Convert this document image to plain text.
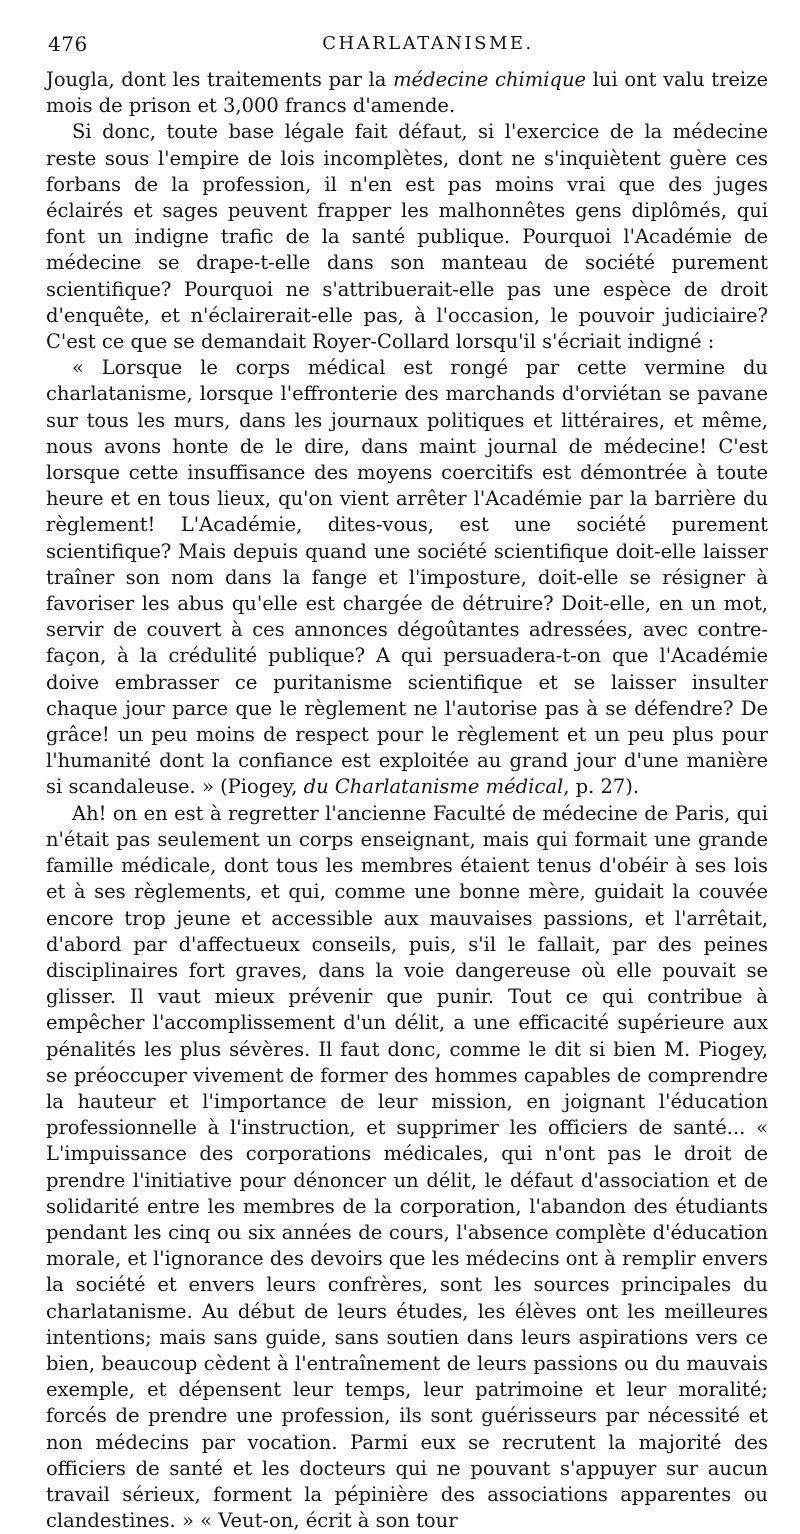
476	CHARLATANISME.

Jougla, dont les traitements par la médecine chimique lui ont valu treize mois de prison et 3,000 francs d'amende.

Si donc, toute base légale fait défaut, si l'exercice de la médecine reste sous l'empire de lois incomplètes, dont ne s'inquiètent guère ces forbans de la profession, il n'en est pas moins vrai que des juges éclairés et sages peuvent frapper les malhonnêtes gens diplômés, qui font un indigne trafic de la santé publique. Pourquoi l'Académie de médecine se drape-t-elle dans son manteau de société purement scientifique? Pourquoi ne s'attribuerait-elle pas une espèce de droit d'enquête, et n'éclairerait-elle pas, à l'occasion, le pouvoir judiciaire? C'est ce que se demandait Royer-Collard lorsqu'il s'écriait indigné :

« Lorsque le corps médical est rongé par cette vermine du charlatanisme, lorsque l'effronterie des marchands d'orviétan se pavane sur tous les murs, dans les journaux politiques et littéraires, et même, nous avons honte de le dire, dans maint journal de médecine! C'est lorsque cette insuffisance des moyens coercitifs est démontrée à toute heure et en tous lieux, qu'on vient arrêter l'Académie par la barrière du règlement! L'Académie, dites-vous, est une société purement scientifique? Mais depuis quand une société scientifique doit-elle laisser traîner son nom dans la fange et l'imposture, doit-elle se résigner à favoriser les abus qu'elle est chargée de détruire? Doit-elle, en un mot, servir de couvert à ces annonces dégoûtantes adressées, avec contre-façon, à la crédulité publique? A qui persuadera-t-on que l'Académie doive embrasser ce puritanisme scientifique et se laisser insulter chaque jour parce que le règlement ne l'autorise pas à se défendre? De grâce! un peu moins de respect pour le règlement et un peu plus pour l'humanité dont la confiance est exploitée au grand jour d'une manière si scandaleuse. » (Piogey, du Charlatanisme médical, p. 27).

Ah! on en est à regretter l'ancienne Faculté de médecine de Paris, qui n'était pas seulement un corps enseignant, mais qui formait une grande famille médicale, dont tous les membres étaient tenus d'obéir à ses lois et à ses règlements, et qui, comme une bonne mère, guidait la couvée encore trop jeune et accessible aux mauvaises passions, et l'arrêtait, d'abord par d'affectueux conseils, puis, s'il le fallait, par des peines disciplinaires fort graves, dans la voie dangereuse où elle pouvait se glisser. Il vaut mieux prévenir que punir. Tout ce qui contribue à empêcher l'accomplissement d'un délit, a une efficacité supérieure aux pénalités les plus sévères. Il faut donc, comme le dit si bien M. Piogey, se préoccuper vivement de former des hommes capables de comprendre la hauteur et l'importance de leur mission, en joignant l'éducation professionnelle à l'instruction, et supprimer les officiers de santé... « L'impuissance des corporations médicales, qui n'ont pas le droit de prendre l'initiative pour dénoncer un délit, le défaut d'association et de solidarité entre les membres de la corporation, l'abandon des étudiants pendant les cinq ou six années de cours, l'absence complète d'éducation morale, et l'ignorance des devoirs que les médecins ont à remplir envers la société et envers leurs confrères, sont les sources principales du charlatanisme. Au début de leurs études, les élèves ont les meilleures intentions; mais sans guide, sans soutien dans leurs aspirations vers ce bien, beaucoup cèdent à l'entraînement de leurs passions ou du mauvais exemple, et dépensent leur temps, leur patrimoine et leur moralité; forcés de prendre une profession, ils sont guérisseurs par nécessité et non médecins par vocation. Parmi eux se recrutent la majorité des officiers de santé et les docteurs qui ne pouvant s'appuyer sur aucun travail sérieux, forment la pépinière des associations apparentes ou clandestines. » « Veut-on, écrit à son tour
